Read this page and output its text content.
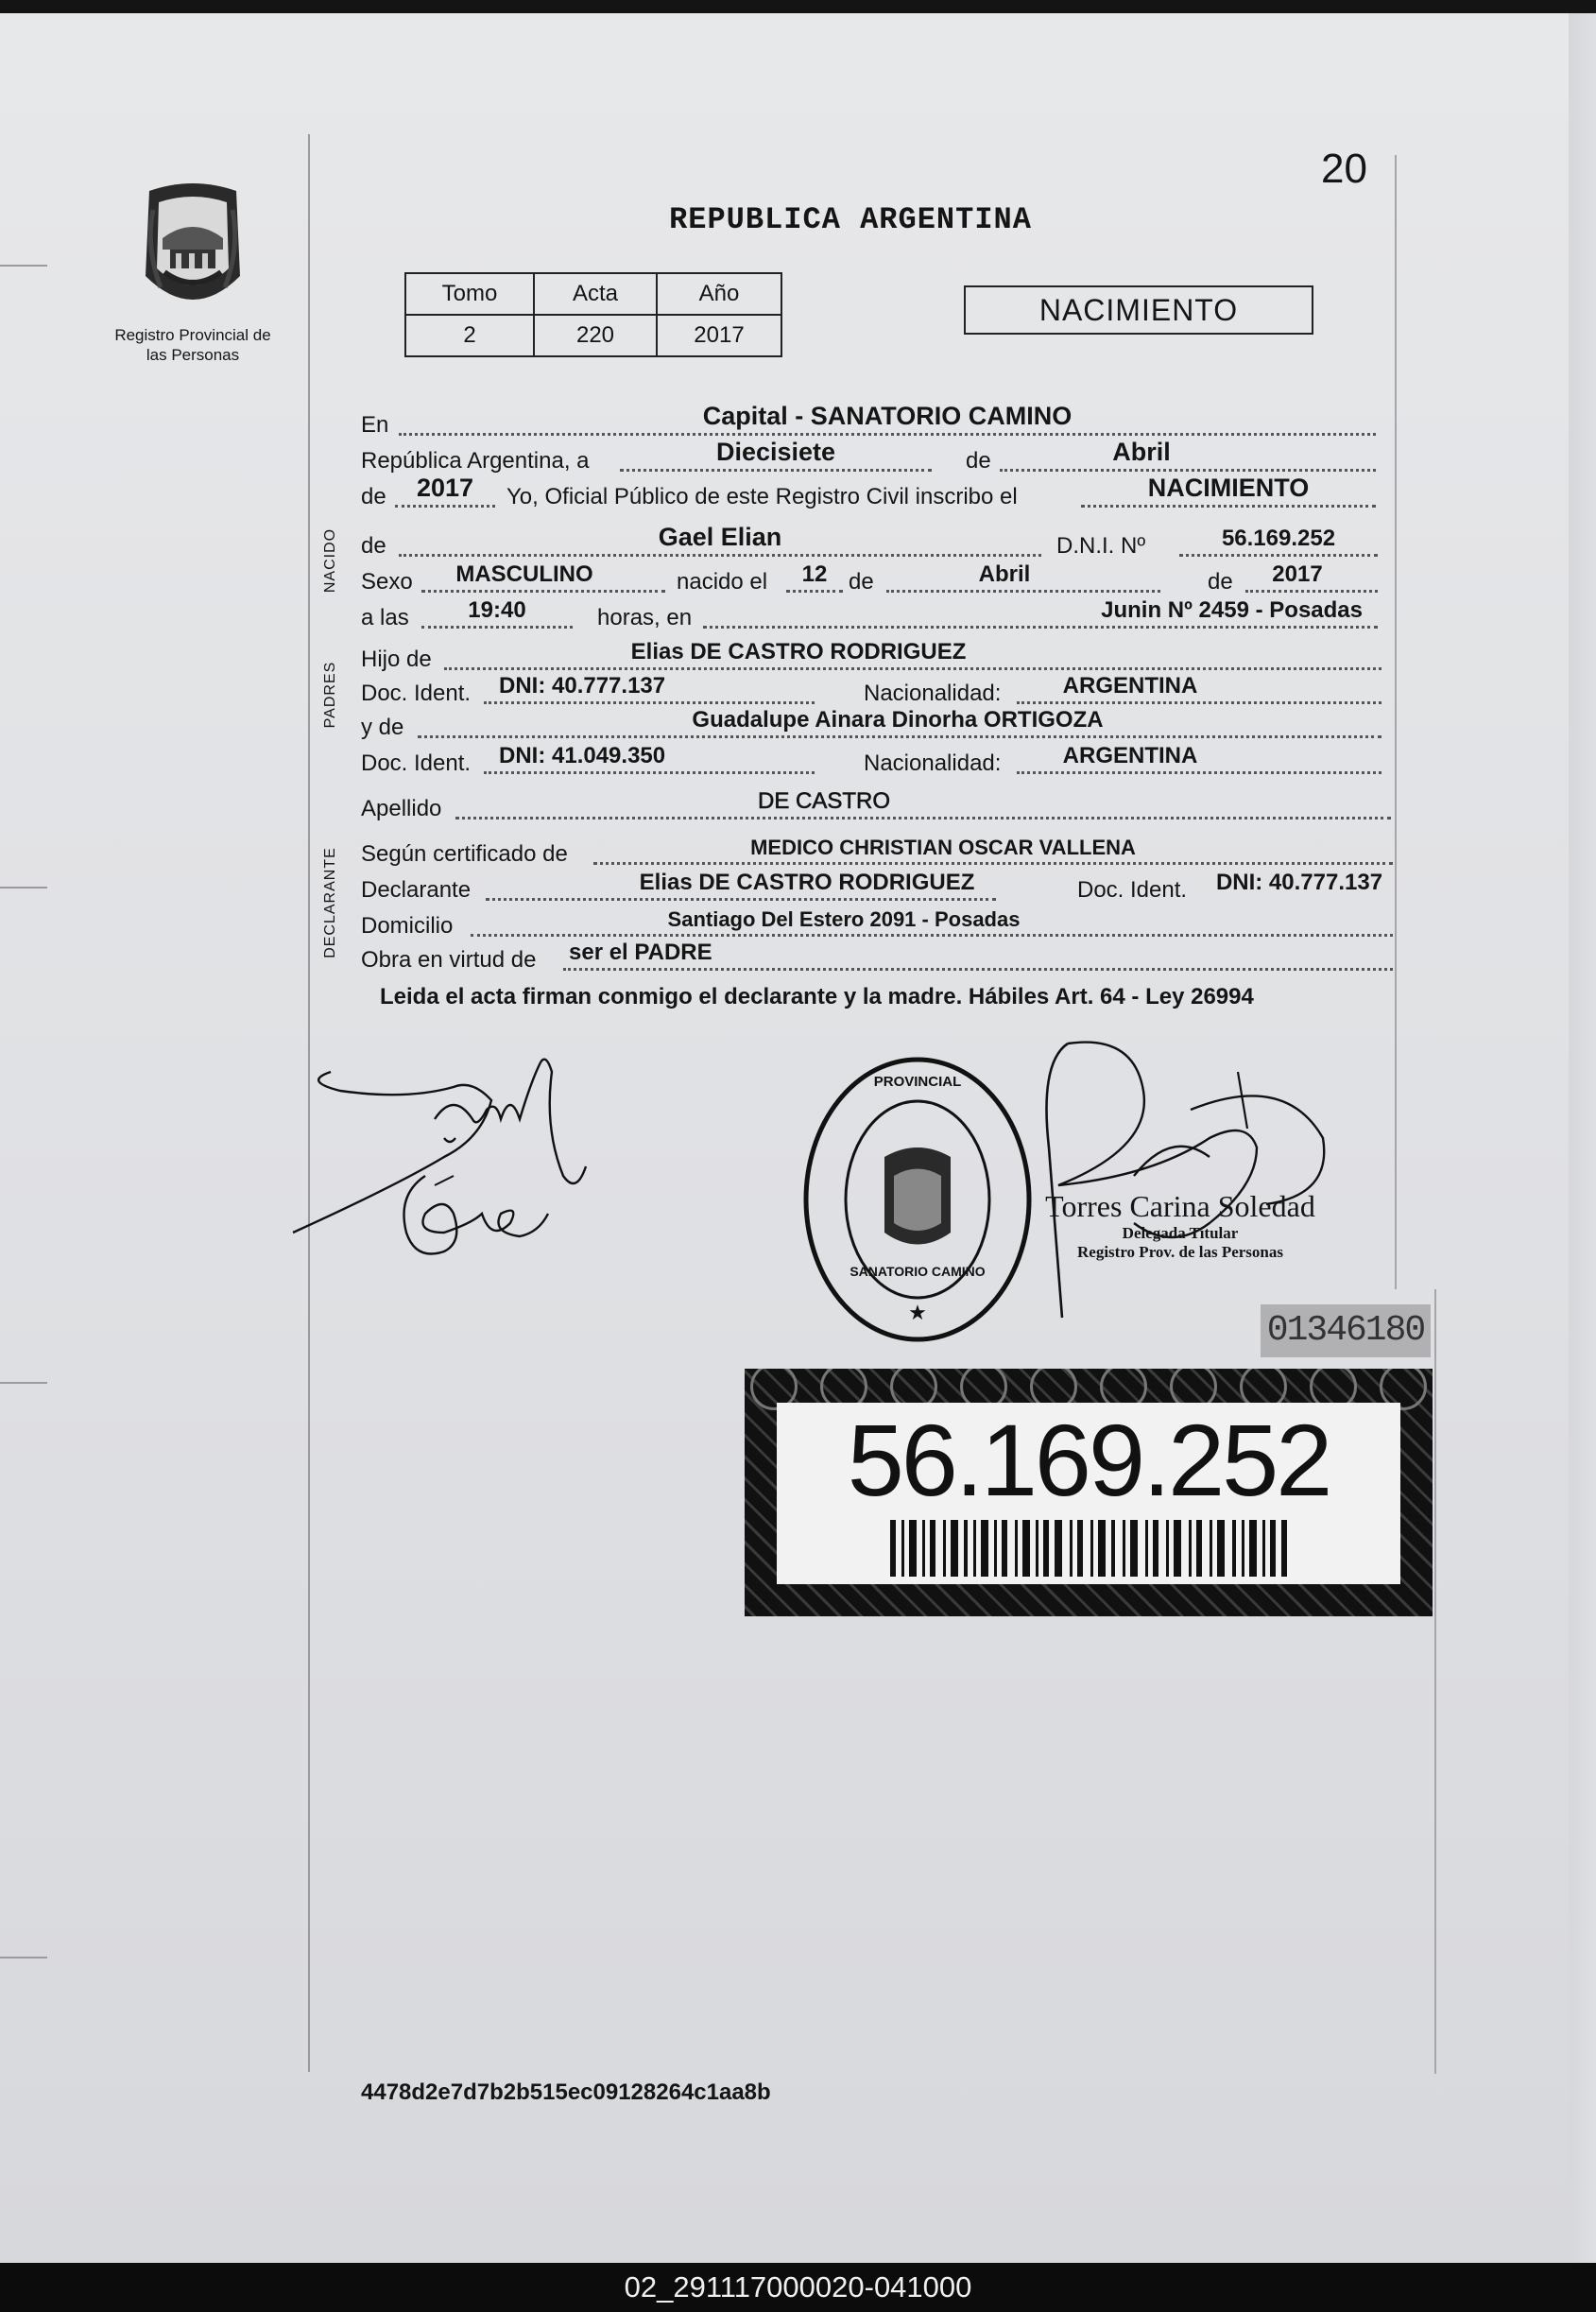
20
REPUBLICA ARGENTINA
Registro Provincial de las Personas
Tomo	Acta	Año
2	220	2017
NACIMIENTO
En	Capital - SANATORIO CAMINO
República Argentina, a	Diecisiete	de	Abril
de	2017	Yo, Oficial Público de este Registro Civil inscribo el	NACIMIENTO
NACIDO de	Gael Elian	D.N.I. Nº	56.169.252
Sexo	MASCULINO	nacido el	12 de	Abril	de	2017
a las	19:40	horas, en	Junin Nº 2459 - Posadas
PADRES
Hijo de	Elias DE CASTRO RODRIGUEZ
Doc. Ident. DNI: 40.777.137	Nacionalidad:	ARGENTINA
y de	Guadalupe Ainara Dinorha ORTIGOZA
Doc. Ident. DNI: 41.049.350	Nacionalidad:	ARGENTINA
Apellido	DE CASTRO
DECLARANTE Según certificado de	MEDICO CHRISTIAN OSCAR VALLENA
Declarante	Elias DE CASTRO RODRIGUEZ	Doc. Ident.	DNI: 40.777.137
Domicilio	Santiago Del Estero 2091 - Posadas
Obra en virtud de ser el PADRE
Leida el acta firman conmigo el declarante y la madre. Hábiles Art. 64 - Ley 26994
PROVINCIAL
★
SANATORIO CAMINO
Torres Carina Soledad
Delegada Titular
Registro Prov. de las Personas
01346180
56.169.252
4478d2e7d7b2b515ec09128264c1aa8b
02_291117000020-041000
